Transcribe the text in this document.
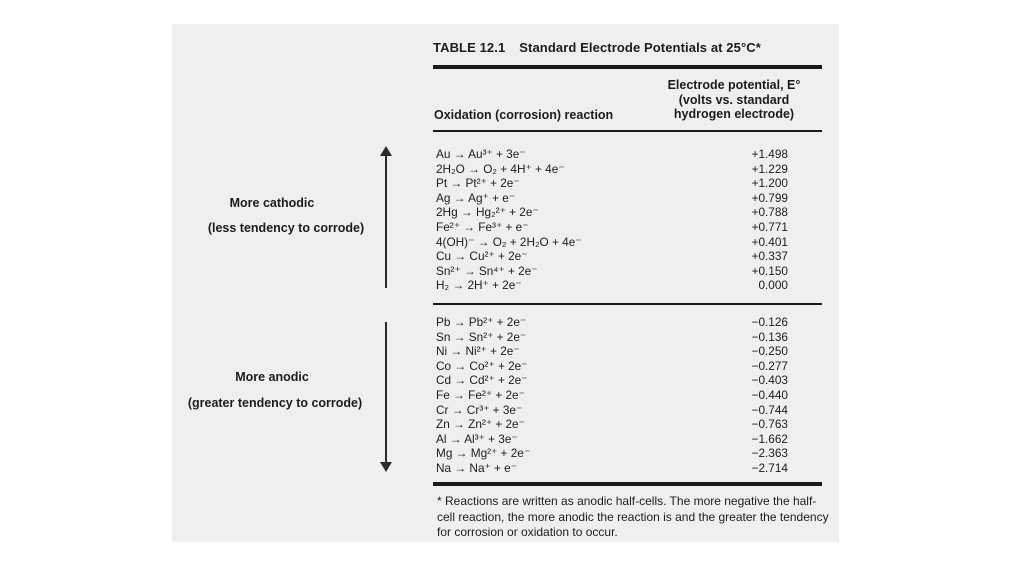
TABLE 12.1 Standard Electrode Potentials at 25°C*
Electrode potential, E°
(volts vs. standard
hydrogen electrode)
Oxidation (corrosion) reaction
More cathodic
(less tendency to corrode)
Au → Au³⁺ + 3e⁻	+1.498
2H₂O → O₂ + 4H⁺ + 4e⁻	+1.229
Pt → Pt²⁺ + 2e⁻	+1.200
Ag → Ag⁺ + e⁻	+0.799
2Hg → Hg₂²⁺ + 2e⁻	+0.788
Fe²⁺ → Fe³⁺ + e⁻	+0.771
4(OH)⁻ → O₂ + 2H₂O + 4e⁻	+0.401
Cu → Cu²⁺ + 2e⁻	+0.337
Sn²⁺ → Sn⁴⁺ + 2e⁻	+0.150
H₂ → 2H⁺ + 2e⁻	0.000
More anodic
(greater tendency to corrode)
Pb → Pb²⁺ + 2e⁻	−0.126
Sn → Sn²⁺ + 2e⁻	−0.136
Ni → Ni²⁺ + 2e⁻	−0.250
Co → Co²⁺ + 2e⁻	−0.277
Cd → Cd²⁺ + 2e⁻	−0.403
Fe → Fe²⁺ + 2e⁻	−0.440
Cr → Cr³⁺ + 3e⁻	−0.744
Zn → Zn²⁺ + 2e⁻	−0.763
Al → Al³⁺ + 3e⁻	−1.662
Mg → Mg²⁺ + 2e⁻	−2.363
Na → Na⁺ + e⁻	−2.714
* Reactions are written as anodic half-cells. The more negative the half-cell reaction, the more anodic the reaction is and the greater the tendency for corrosion or oxidation to occur.
